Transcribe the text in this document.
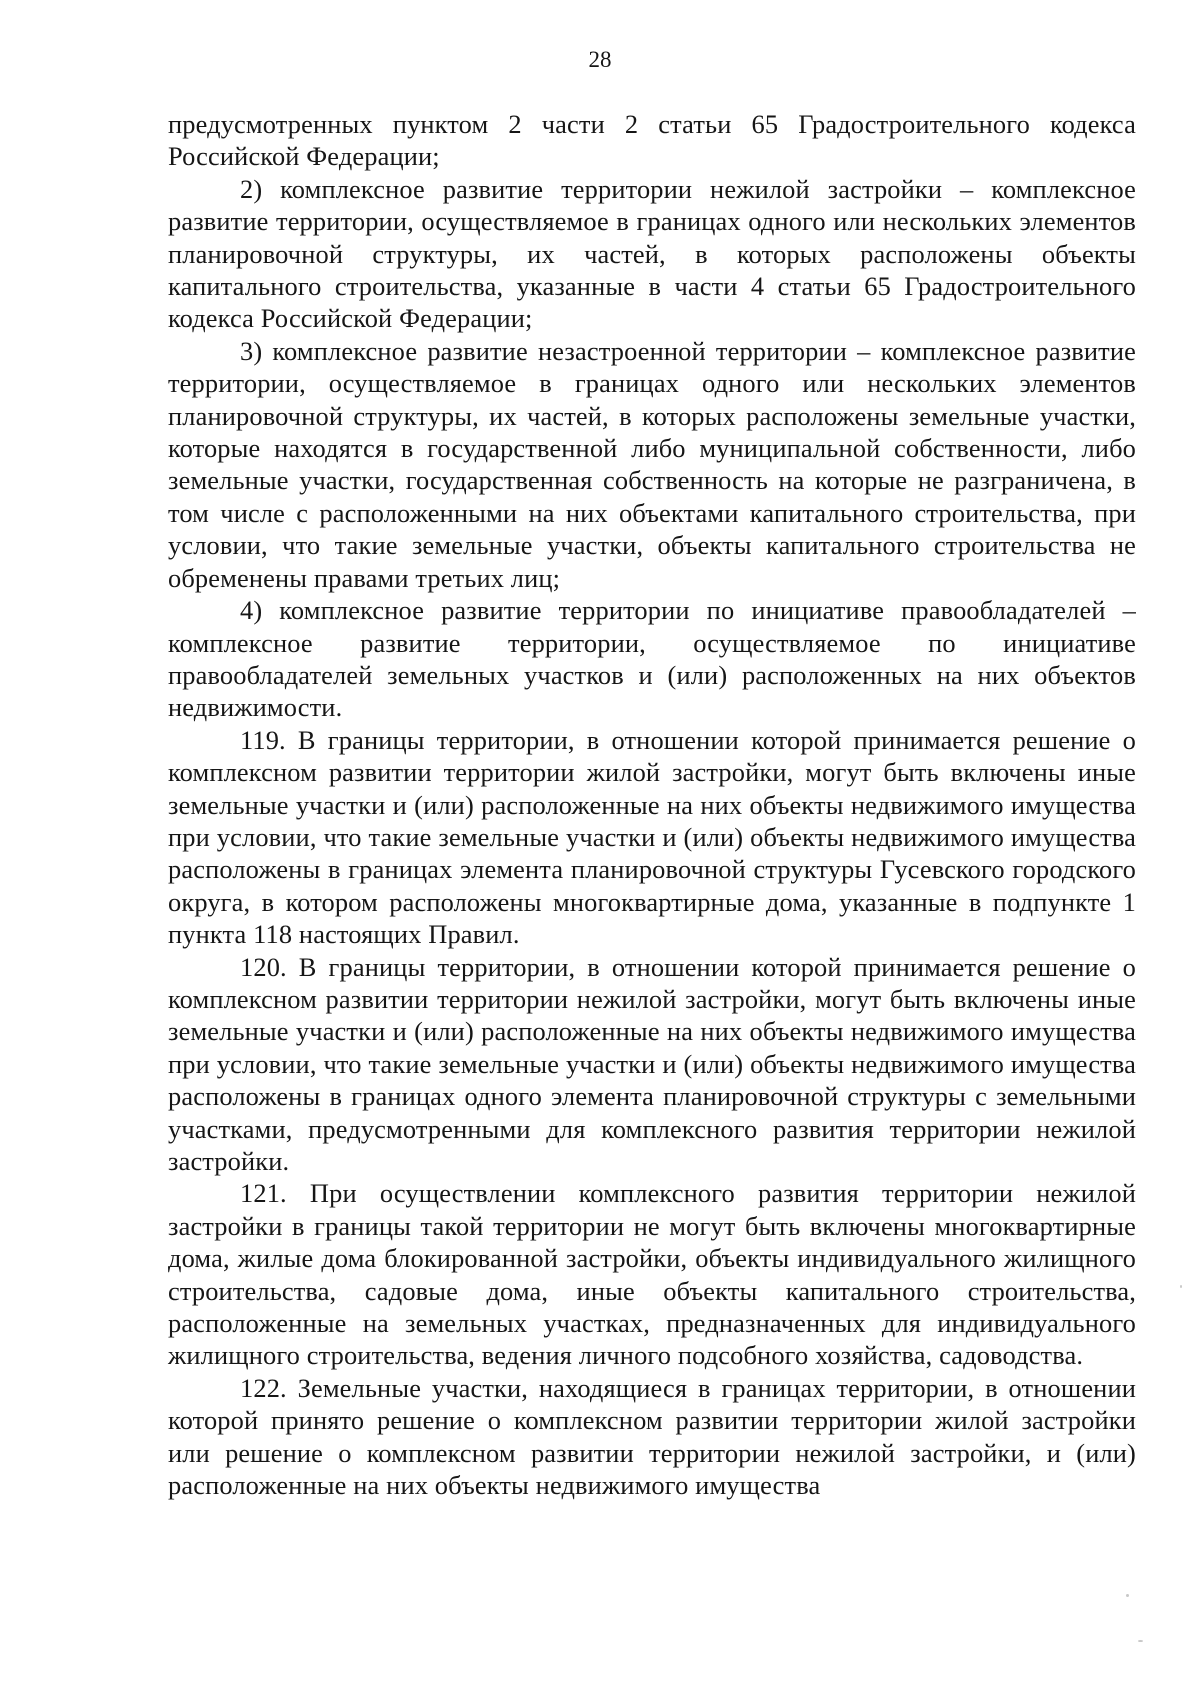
28

предусмотренных пунктом 2 части 2 статьи 65 Градостроительного кодекса Российской Федерации;

2) комплексное развитие территории нежилой застройки – комплексное развитие территории, осуществляемое в границах одного или нескольких элементов планировочной структуры, их частей, в которых расположены объекты капитального строительства, указанные в части 4 статьи 65 Градостроительного кодекса Российской Федерации;

3) комплексное развитие незастроенной территории – комплексное развитие территории, осуществляемое в границах одного или нескольких элементов планировочной структуры, их частей, в которых расположены земельные участки, которые находятся в государственной либо муниципальной собственности, либо земельные участки, государственная собственность на которые не разграничена, в том числе с расположенными на них объектами капитального строительства, при условии, что такие земельные участки, объекты капитального строительства не обременены правами третьих лиц;

4) комплексное развитие территории по инициативе правообладателей – комплексное развитие территории, осуществляемое по инициативе правообладателей земельных участков и (или) расположенных на них объектов недвижимости.

119. В границы территории, в отношении которой принимается решение о комплексном развитии территории жилой застройки, могут быть включены иные земельные участки и (или) расположенные на них объекты недвижимого имущества при условии, что такие земельные участки и (или) объекты недвижимого имущества расположены в границах элемента планировочной структуры Гусевского городского округа, в котором расположены многоквартирные дома, указанные в подпункте 1 пункта 118 настоящих Правил.

120. В границы территории, в отношении которой принимается решение о комплексном развитии территории нежилой застройки, могут быть включены иные земельные участки и (или) расположенные на них объекты недвижимого имущества при условии, что такие земельные участки и (или) объекты недвижимого имущества расположены в границах одного элемента планировочной структуры с земельными участками, предусмотренными для комплексного развития территории нежилой застройки.

121. При осуществлении комплексного развития территории нежилой застройки в границы такой территории не могут быть включены многоквартирные дома, жилые дома блокированной застройки, объекты индивидуального жилищного строительства, садовые дома, иные объекты капитального строительства, расположенные на земельных участках, предназначенных для индивидуального жилищного строительства, ведения личного подсобного хозяйства, садоводства.

122. Земельные участки, находящиеся в границах территории, в отношении которой принято решение о комплексном развитии территории жилой застройки или решение о комплексном развитии территории нежилой застройки, и (или) расположенные на них объекты недвижимого имущества
